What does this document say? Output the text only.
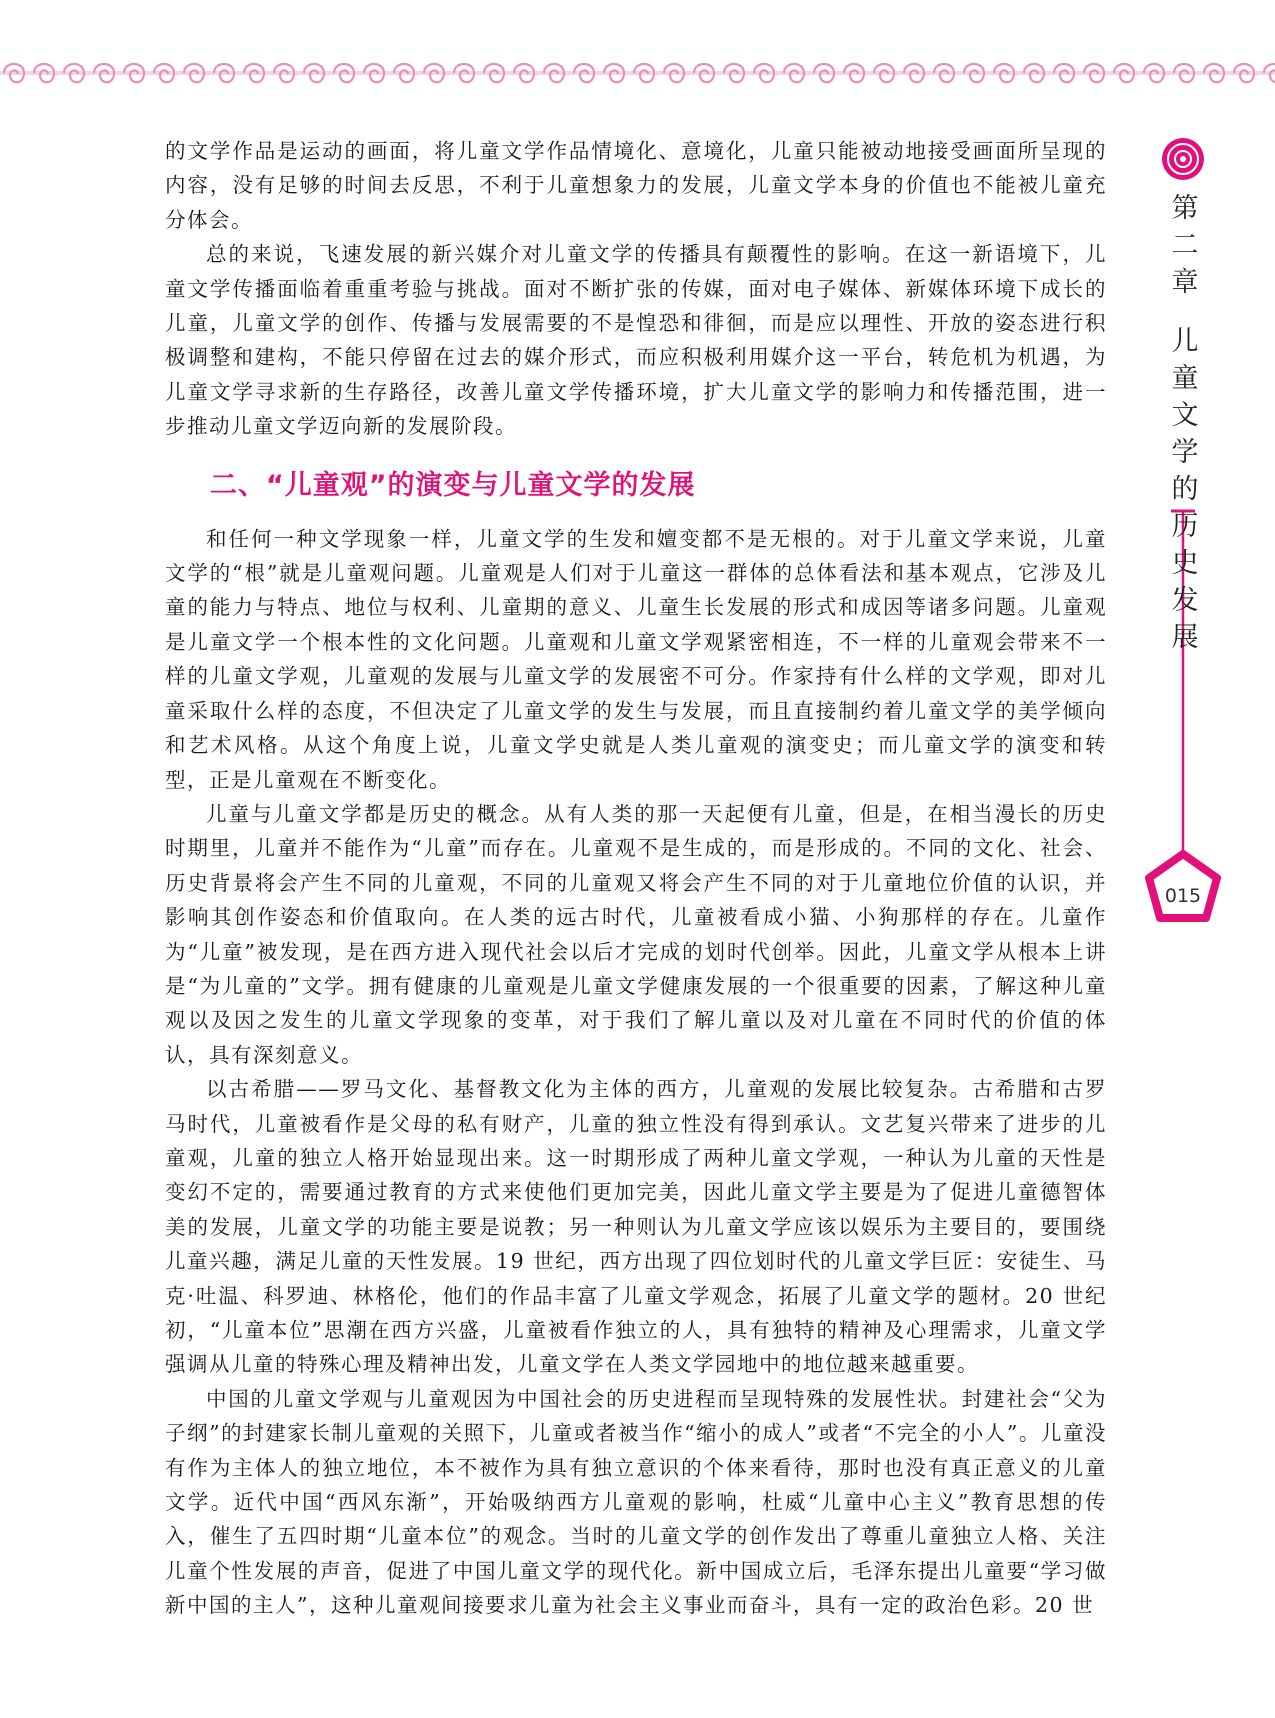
的文学作品是运动的画面，将儿童文学作品情境化、意境化，儿童只能被动地接受画面所呈现的内容，没有足够的时间去反思，不利于儿童想象力的发展，儿童文学本身的价值也不能被儿童充分体会。

总的来说，飞速发展的新兴媒介对儿童文学的传播具有颠覆性的影响。在这一新语境下，儿童文学传播面临着重重考验与挑战。面对不断扩张的传媒，面对电子媒体、新媒体环境下成长的儿童，儿童文学的创作、传播与发展需要的不是惶恐和徘徊，而是应以理性、开放的姿态进行积极调整和建构，不能只停留在过去的媒介形式，而应积极利用媒介这一平台，转危机为机遇，为儿童文学寻求新的生存路径，改善儿童文学传播环境，扩大儿童文学的影响力和传播范围，进一步推动儿童文学迈向新的发展阶段。

二、“儿童观”的演变与儿童文学的发展

和任何一种文学现象一样，儿童文学的生发和嬗变都不是无根的。对于儿童文学来说，儿童文学的“根”就是儿童观问题。儿童观是人们对于儿童这一群体的总体看法和基本观点，它涉及儿童的能力与特点、地位与权利、儿童期的意义、儿童生长发展的形式和成因等诸多问题。儿童观是儿童文学一个根本性的文化问题。儿童观和儿童文学观紧密相连，不一样的儿童观会带来不一样的儿童文学观，儿童观的发展与儿童文学的发展密不可分。作家持有什么样的文学观，即对儿童采取什么样的态度，不但决定了儿童文学的发生与发展，而且直接制约着儿童文学的美学倾向和艺术风格。从这个角度上说，儿童文学史就是人类儿童观的演变史；而儿童文学的演变和转型，正是儿童观在不断变化。

儿童与儿童文学都是历史的概念。从有人类的那一天起便有儿童，但是，在相当漫长的历史时期里，儿童并不能作为“儿童”而存在。儿童观不是生成的，而是形成的。不同的文化、社会、历史背景将会产生不同的儿童观，不同的儿童观又将会产生不同的对于儿童地位价值的认识，并影响其创作姿态和价值取向。在人类的远古时代，儿童被看成小猫、小狗那样的存在。儿童作为“儿童”被发现，是在西方进入现代社会以后才完成的划时代创举。因此，儿童文学从根本上讲是“为儿童的”文学。拥有健康的儿童观是儿童文学健康发展的一个很重要的因素，了解这种儿童观以及因之发生的儿童文学现象的变革，对于我们了解儿童以及对儿童在不同时代的价值的体认，具有深刻意义。

以古希腊——罗马文化、基督教文化为主体的西方，儿童观的发展比较复杂。古希腊和古罗马时代，儿童被看作是父母的私有财产，儿童的独立性没有得到承认。文艺复兴带来了进步的儿童观，儿童的独立人格开始显现出来。这一时期形成了两种儿童文学观，一种认为儿童的天性是变幻不定的，需要通过教育的方式来使他们更加完美，因此儿童文学主要是为了促进儿童德智体美的发展，儿童文学的功能主要是说教；另一种则认为儿童文学应该以娱乐为主要目的，要围绕儿童兴趣，满足儿童的天性发展。19 世纪，西方出现了四位划时代的儿童文学巨匠：安徒生、马克·吐温、科罗迪、林格伦，他们的作品丰富了儿童文学观念，拓展了儿童文学的题材。20 世纪初，“儿童本位”思潮在西方兴盛，儿童被看作独立的人，具有独特的精神及心理需求，儿童文学强调从儿童的特殊心理及精神出发，儿童文学在人类文学园地中的地位越来越重要。

中国的儿童文学观与儿童观因为中国社会的历史进程而呈现特殊的发展性状。封建社会“父为子纲”的封建家长制儿童观的关照下，儿童或者被当作“缩小的成人”或者“不完全的小人”。儿童没有作为主体人的独立地位，本不被作为具有独立意识的个体来看待，那时也没有真正意义的儿童文学。近代中国“西风东渐”，开始吸纳西方儿童观的影响，杜威“儿童中心主义”教育思想的传入，催生了五四时期“儿童本位”的观念。当时的儿童文学的创作发出了尊重儿童独立人格、关注儿童个性发展的声音，促进了中国儿童文学的现代化。新中国成立后，毛泽东提出儿童要“学习做新中国的主人”，这种儿童观间接要求儿童为社会主义事业而奋斗，具有一定的政治色彩。20 世

第
二
章
儿
童
文
学
的
历
史
发
展
015
